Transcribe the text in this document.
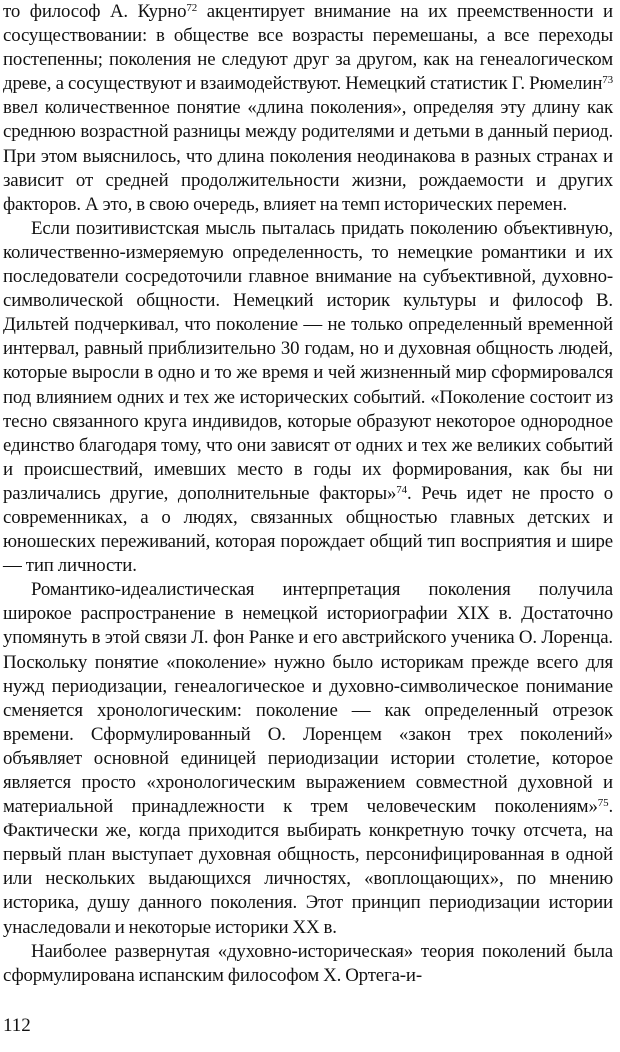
то философ А. Курно$^{72}$ акцентирует внимание на их преемственности и сосуществовании: в обществе все возрасты перемешаны, а все переходы постепенны; поколения не следуют друг за другом, как на генеалогическом древе, а сосуществуют и взаимодействуют. Немецкий статистик Г. Рюмелин$^{73}$ ввел количественное понятие «длина поколения», определяя эту длину как среднюю возрастной разницы между родителями и детьми в данный период. При этом выяснилось, что длина поколения неодинакова в разных странах и зависит от средней продолжительности жизни, рождаемости и других факторов. А это, в свою очередь, влияет на темп исторических перемен.

Если позитивистская мысль пыталась придать поколению объективную, количественно-измеряемую определенность, то немецкие романтики и их последователи сосредоточили главное внимание на субъективной, духовно-символической общности. Немецкий историк культуры и философ В. Дильтей подчеркивал, что поколение — не только определенный временной интервал, равный приблизительно 30 годам, но и духовная общность людей, которые выросли в одно и то же время и чей жизненный мир сформировался под влиянием одних и тех же исторических событий. «Поколение состоит из тесно связанного круга индивидов, которые образуют некоторое однородное единство благодаря тому, что они зависят от одних и тех же великих событий и происшествий, имевших место в годы их формирования, как бы ни различались другие, дополнительные факторы»$^{74}$. Речь идет не просто о современниках, а о людях, связанных общностью главных детских и юношеских переживаний, которая порождает общий тип восприятия и шире — тип личности.

Романтико-идеалистическая интерпретация поколения получила широкое распространение в немецкой историографии XIX в. Достаточно упомянуть в этой связи Л. фон Ранке и его австрийского ученика О. Лоренца. Поскольку понятие «поколение» нужно было историкам прежде всего для нужд периодизации, генеалогическое и духовно-символическое понимание сменяется хронологическим: поколение — как определенный отрезок времени. Сформулированный О. Лоренцем «закон трех поколений» объявляет основной единицей периодизации истории столетие, которое является просто «хронологическим выражением совместной духовной и материальной принадлежности к трем человеческим поколениям»$^{75}$. Фактически же, когда приходится выбирать конкретную точку отсчета, на первый план выступает духовная общность, персонифицированная в одной или нескольких выдающихся личностях, «воплощающих», по мнению историка, душу данного поколения. Этот принцип периодизации истории унаследовали и некоторые историки XX в.

Наиболее развернутая «духовно-историческая» теория поколений была сформулирована испанским философом Х. Ортега-и-

112
